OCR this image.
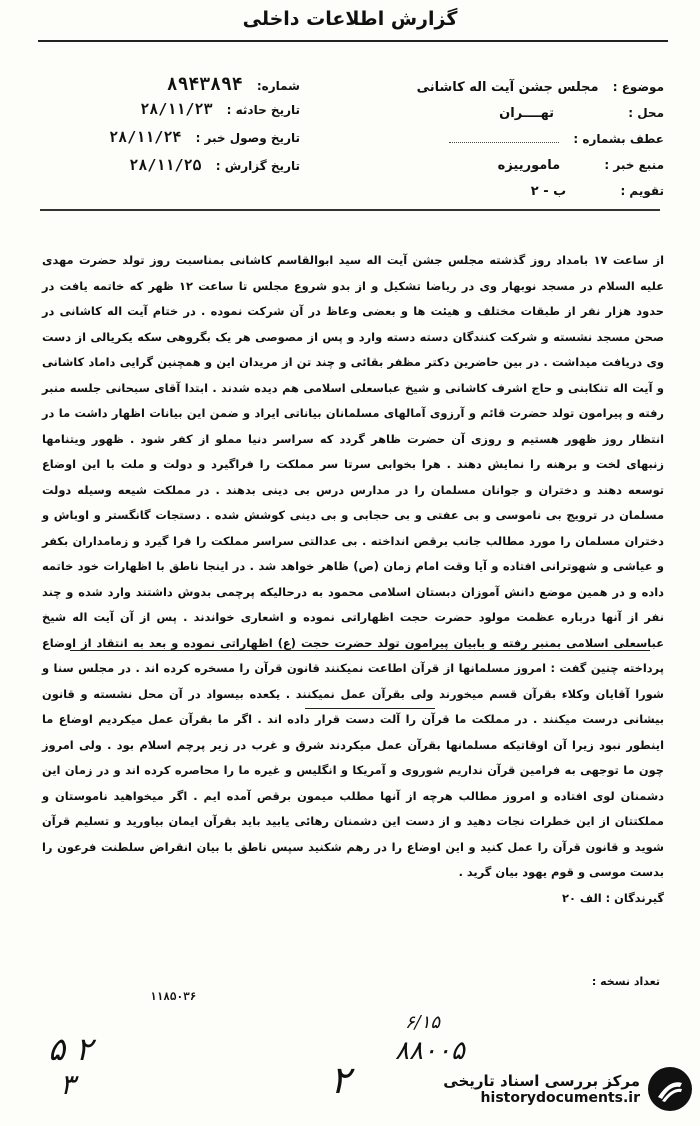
گزارش اطلاعات داخلی
موضوع : مجلس جشن آیت اله کاشانی
محل : تهــــران
عطف بشماره :
منبع خبر : مامورییزه
تقویم : ب - ۲
شماره: ۸۹۴۳۸۹۴
تاریخ حادثه : ۲۸/۱۱/۲۳
تاریخ وصول خبر : ۲۸/۱۱/۲۴
تاریخ گزارش : ۲۸/۱۱/۲۵

از ساعت ۱۷ بامداد روز گذشته مجلس جشن آیت اله سید ابوالقاسم کاشانی بمناسبت روز تولد حضرت مهدی علیه السلام در مسجد نوبهار وی در ریاضا تشکیل و از بدو شروع مجلس تا ساعت ۱۲ ظهر که خاتمه یافت در حدود هزار نفر از طبقات مختلف و هیئت ها و بعضی وعاظ در آن شرکت نموده . در ختام آیت اله کاشانی در صحن مسجد نشسته و شرکت کنندگان دسته دسته وارد و پس از مصوصی هر یک بگروهی سکه یکریالی از دست وی دریافت میداشت . در بین حاضرین دکتر مظفر بقائی و چند تن از مریدان این و همچنین گرایی داماد کاشانی و آیت اله تنکابنی و حاج اشرف کاشانی و شیخ عباسعلی اسلامی هم دیده شدند . ابتدا آقای سبحانی جلسه منبر رفته و پیرامون تولد حضرت قائم و آرزوی آمالهای مسلمانان بیاناتی ایراد و ضمن این بیانات اظهار داشت ما در انتظار روز ظهور هستیم و روزی آن حضرت ظاهر گردد که سراسر دنیا مملو از کفر شود . ظهور ویتنامها زنبهای لخت و برهنه را نمایش دهند . هرا بخوابی سرتا سر مملکت را فراگیرد و دولت و ملت با این اوضاع توسعه دهند و دختران و جوانان مسلمان را در مدارس درس بی دینی بدهند . در مملکت شیعه وسیله دولت مسلمان در ترویج بی ناموسی و بی عفتی و بی حجابی و بی دینی کوشش شده . دستجات گانگستر و اوباش و دختران مسلمان را مورد مطالب جانب برقص انداخته . بی عدالتی سراسر مملکت را فرا گیرد و زمامداران بکفر و عیاشی و شهوترانی افتاده و آیا وقت امام زمان (ص) ظاهر خواهد شد . در اینجا ناطق با اظهارات خود خاتمه داده و در همین موضع دانش آموزان دبستان اسلامی محمود به درحالیکه پرچمی بدوش داشتند وارد شده و چند نفر از آنها درباره عظمت مولود حضرت حجت اظهاراتی نموده و اشعاری خواندند . پس از آن آیت اله شیخ عباسعلی اسلامی بمنبر رفته و بابیان پیرامون تولد حضرت حجت (ع) اظهاراتی نموده و بعد به انتقاد از اوضاع پرداخته چنین گفت : امروز مسلمانها از قرآن اطاعت نمیکنند قانون قرآن را مسخره کرده اند . در مجلس سنا و شورا آقایان وکلاء بقرآن قسم میخورند ولی بقرآن عمل نمیکنند . یکعده بیسواد در آن محل نشسته و قانون بیشانی درست میکنند . در مملکت ما قرآن را آلت دست قرار داده اند . اگر ما بقرآن عمل میکردیم اوضاع ما اینطور نبود زیرا آن اوقاتیکه مسلمانها بقرآن عمل میکردند شرق و غرب در زیر پرچم اسلام بود . ولی امروز چون ما توجهی به فرامین قرآن نداریم شوروی و آمریکا و انگلیس و غیره ما را محاصره کرده اند و در زمان این دشمنان لوی افتاده و امروز مطالب هرچه از آنها مطلب میمون برقص آمده ایم . اگر میخواهید ناموستان و مملکتتان از این خطرات نجات دهید و از دست این دشمنان رهائی یابید باید بقرآن ایمان بیاورید و تسلیم قرآن شوید و قانون قرآن را عمل کنید و این اوضاع را در رهم شکنید سپس ناطق با بیان انقراض سلطنت فرعون را بدست موسی و قوم یهود بیان گرید .

گیرندگان : الف ۲۰

تعداد نسخه :
۱۱۸۵۰۳۶
۶/۱۵
۸۸۰۰۵
۵ ۲
۳	۲	مرکز بررسی اسناد تاریخی
historydocuments.ir
